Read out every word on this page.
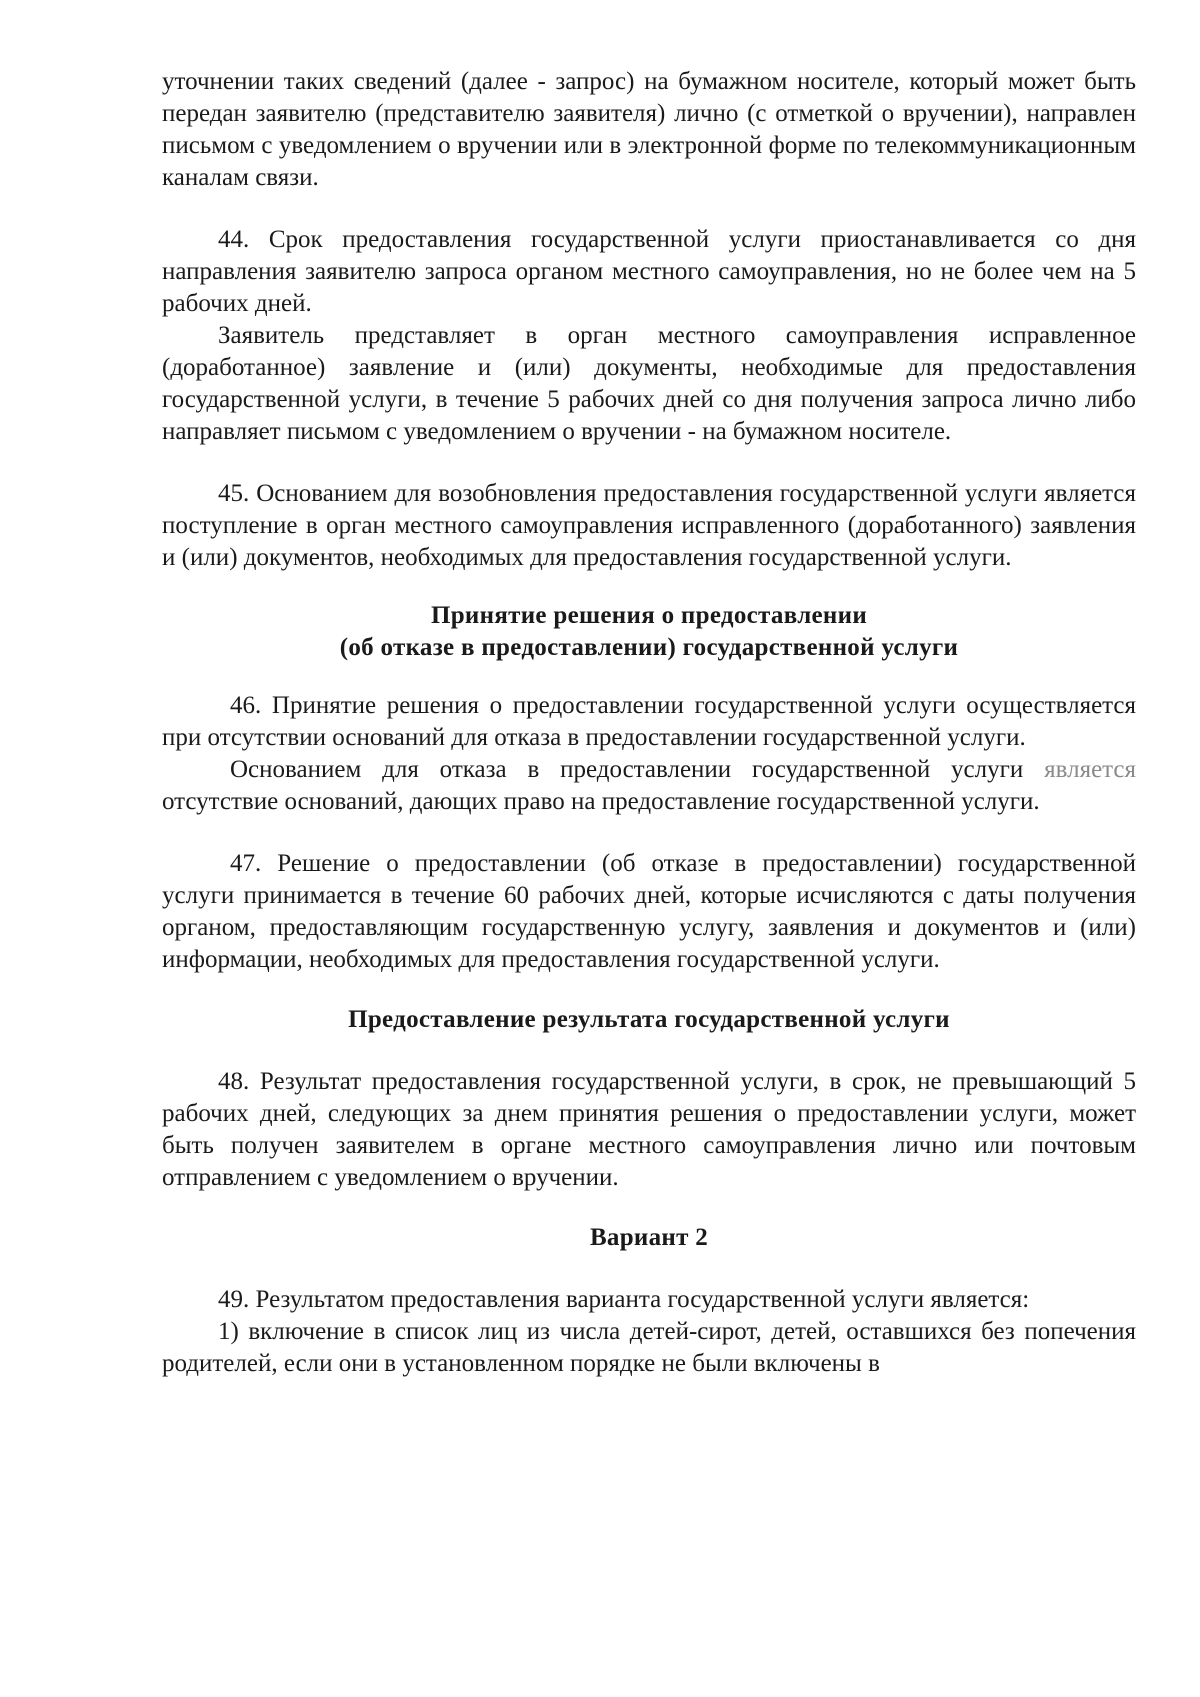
уточнении таких сведений (далее - запрос) на бумажном носителе, который может быть передан заявителю (представителю заявителя) лично (с отметкой о вручении), направлен письмом с уведомлением о вручении или в электронной форме по телекоммуникационным каналам связи.

44. Срок предоставления государственной услуги приостанавливается со дня направления заявителю запроса органом местного самоуправления, но не более чем на 5 рабочих дней.

Заявитель представляет в орган местного самоуправления исправленное (доработанное) заявление и (или) документы, необходимые для предоставления государственной услуги, в течение 5 рабочих дней со дня получения запроса лично либо направляет письмом с уведомлением о вручении - на бумажном носителе.

45. Основанием для возобновления предоставления государственной услуги является поступление в орган местного самоуправления исправленного (доработанного) заявления и (или) документов, необходимых для предоставления государственной услуги.

Принятие решения о предоставлении

(об отказе в предоставлении) государственной услуги

46. Принятие решения о предоставлении государственной услуги осуществляется при отсутствии оснований для отказа в предоставлении государственной услуги.

Основанием для отказа в предоставлении государственной услуги является отсутствие оснований, дающих право на предоставление государственной услуги.

47. Решение о предоставлении (об отказе в предоставлении) государственной услуги принимается в течение 60 рабочих дней, которые исчисляются с даты получения органом, предоставляющим государственную услугу, заявления и документов и (или) информации, необходимых для предоставления государственной услуги.

Предоставление результата государственной услуги

48. Результат предоставления государственной услуги, в срок, не превышающий 5 рабочих дней, следующих за днем принятия решения о предоставлении услуги, может быть получен заявителем в органе местного самоуправления лично или почтовым отправлением с уведомлением о вручении.

Вариант 2

49. Результатом предоставления варианта государственной услуги является:

1) включение в список лиц из числа детей-сирот, детей, оставшихся без попечения родителей, если они в установленном порядке не были включены в
